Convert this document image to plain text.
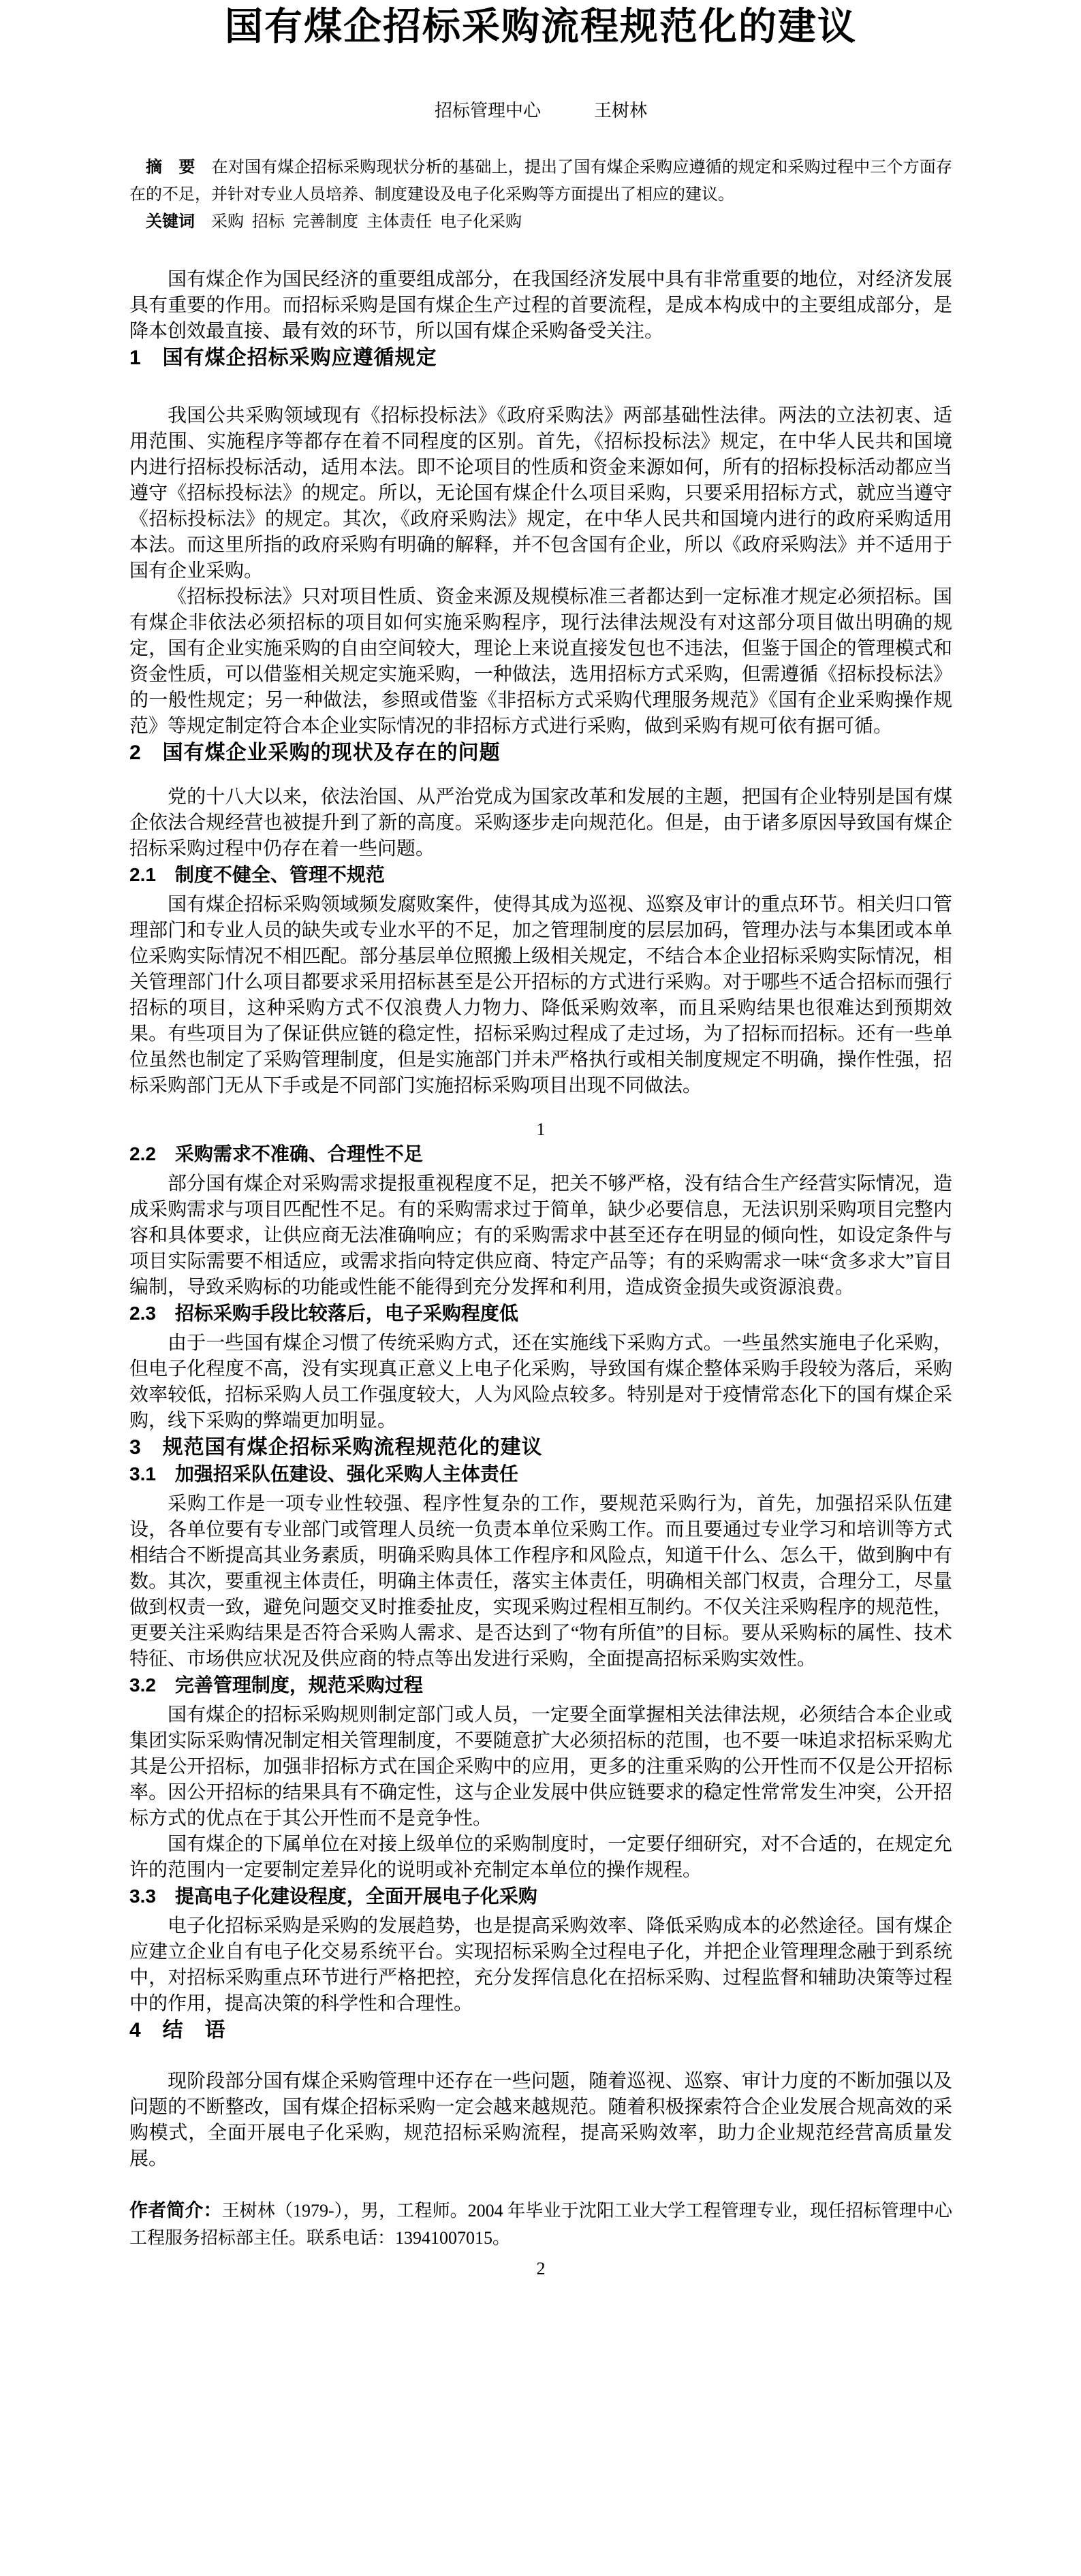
国有煤企招标采购流程规范化的建议

招标管理中心　　　王树林

摘　要　在对国有煤企招标采购现状分析的基础上，提出了国有煤企采购应遵循的规定和采购过程中三个方面存在的不足，并针对专业人员培养、制度建设及电子化采购等方面提出了相应的建议。

关键词　采购 招标 完善制度 主体责任 电子化采购

国有煤企作为国民经济的重要组成部分，在我国经济发展中具有非常重要的地位，对经济发展具有重要的作用。而招标采购是国有煤企生产过程的首要流程，是成本构成中的主要组成部分，是降本创效最直接、最有效的环节，所以国有煤企采购备受关注。

1　国有煤企招标采购应遵循规定

我国公共采购领域现有《招标投标法》《政府采购法》两部基础性法律。两法的立法初衷、适用范围、实施程序等都存在着不同程度的区别。首先，《招标投标法》规定，在中华人民共和国境内进行招标投标活动，适用本法。即不论项目的性质和资金来源如何，所有的招标投标活动都应当遵守《招标投标法》的规定。所以，无论国有煤企什么项目采购，只要采用招标方式，就应当遵守《招标投标法》的规定。其次，《政府采购法》规定，在中华人民共和国境内进行的政府采购适用本法。而这里所指的政府采购有明确的解释，并不包含国有企业，所以《政府采购法》并不适用于国有企业采购。

《招标投标法》只对项目性质、资金来源及规模标准三者都达到一定标准才规定必须招标。国有煤企非依法必须招标的项目如何实施采购程序，现行法律法规没有对这部分项目做出明确的规定，国有企业实施采购的自由空间较大，理论上来说直接发包也不违法，但鉴于国企的管理模式和资金性质，可以借鉴相关规定实施采购，一种做法，选用招标方式采购，但需遵循《招标投标法》的一般性规定；另一种做法，参照或借鉴《非招标方式采购代理服务规范》《国有企业采购操作规范》等规定制定符合本企业实际情况的非招标方式进行采购，做到采购有规可依有据可循。

2　国有煤企业采购的现状及存在的问题

党的十八大以来，依法治国、从严治党成为国家改革和发展的主题，把国有企业特别是国有煤企依法合规经营也被提升到了新的高度。采购逐步走向规范化。但是，由于诸多原因导致国有煤企招标采购过程中仍存在着一些问题。

2.1　制度不健全、管理不规范

国有煤企招标采购领域频发腐败案件，使得其成为巡视、巡察及审计的重点环节。相关归口管理部门和专业人员的缺失或专业水平的不足，加之管理制度的层层加码，管理办法与本集团或本单位采购实际情况不相匹配。部分基层单位照搬上级相关规定，不结合本企业招标采购实际情况，相关管理部门什么项目都要求采用招标甚至是公开招标的方式进行采购。对于哪些不适合招标而强行招标的项目，这种采购方式不仅浪费人力物力、降低采购效率，而且采购结果也很难达到预期效果。有些项目为了保证供应链的稳定性，招标采购过程成了走过场，为了招标而招标。还有一些单位虽然也制定了采购管理制度，但是实施部门并未严格执行或相关制度规定不明确，操作性强，招标采购部门无从下手或是不同部门实施招标采购项目出现不同做法。

1
2.2　采购需求不准确、合理性不足

部分国有煤企对采购需求提报重视程度不足，把关不够严格，没有结合生产经营实际情况，造成采购需求与项目匹配性不足。有的采购需求过于简单，缺少必要信息，无法识别采购项目完整内容和具体要求，让供应商无法准确响应；有的采购需求中甚至还存在明显的倾向性，如设定条件与项目实际需要不相适应，或需求指向特定供应商、特定产品等；有的采购需求一味“贪多求大”盲目编制，导致采购标的功能或性能不能得到充分发挥和利用，造成资金损失或资源浪费。

2.3　招标采购手段比较落后，电子采购程度低

由于一些国有煤企习惯了传统采购方式，还在实施线下采购方式。一些虽然实施电子化采购，但电子化程度不高，没有实现真正意义上电子化采购，导致国有煤企整体采购手段较为落后，采购效率较低，招标采购人员工作强度较大，人为风险点较多。特别是对于疫情常态化下的国有煤企采购，线下采购的弊端更加明显。

3　规范国有煤企招标采购流程规范化的建议
3.1　加强招采队伍建设、强化采购人主体责任

采购工作是一项专业性较强、程序性复杂的工作，要规范采购行为，首先，加强招采队伍建设，各单位要有专业部门或管理人员统一负责本单位采购工作。而且要通过专业学习和培训等方式相结合不断提高其业务素质，明确采购具体工作程序和风险点，知道干什么、怎么干，做到胸中有数。其次，要重视主体责任，明确主体责任，落实主体责任，明确相关部门权责，合理分工，尽量做到权责一致，避免问题交叉时推委扯皮，实现采购过程相互制约。不仅关注采购程序的规范性，更要关注采购结果是否符合采购人需求、是否达到了“物有所值”的目标。要从采购标的属性、技术特征、市场供应状况及供应商的特点等出发进行采购，全面提高招标采购实效性。

3.2　完善管理制度，规范采购过程

国有煤企的招标采购规则制定部门或人员，一定要全面掌握相关法律法规，必须结合本企业或集团实际采购情况制定相关管理制度，不要随意扩大必须招标的范围，也不要一味追求招标采购尤其是公开招标，加强非招标方式在国企采购中的应用，更多的注重采购的公开性而不仅是公开招标率。因公开招标的结果具有不确定性，这与企业发展中供应链要求的稳定性常常发生冲突，公开招标方式的优点在于其公开性而不是竞争性。

国有煤企的下属单位在对接上级单位的采购制度时，一定要仔细研究，对不合适的，在规定允许的范围内一定要制定差异化的说明或补充制定本单位的操作规程。

3.3　提高电子化建设程度，全面开展电子化采购

电子化招标采购是采购的发展趋势，也是提高采购效率、降低采购成本的必然途径。国有煤企应建立企业自有电子化交易系统平台。实现招标采购全过程电子化，并把企业管理理念融于到系统中，对招标采购重点环节进行严格把控，充分发挥信息化在招标采购、过程监督和辅助决策等过程中的作用，提高决策的科学性和合理性。

4　结　语

现阶段部分国有煤企采购管理中还存在一些问题，随着巡视、巡察、审计力度的不断加强以及问题的不断整改，国有煤企招标采购一定会越来越规范。随着积极探索符合企业发展合规高效的采购模式，全面开展电子化采购，规范招标采购流程，提高采购效率，助力企业规范经营高质量发展。

作者简介：王树林（1979-），男，工程师。2004 年毕业于沈阳工业大学工程管理专业，现任招标管理中心工程服务招标部主任。联系电话：13941007015。

2
